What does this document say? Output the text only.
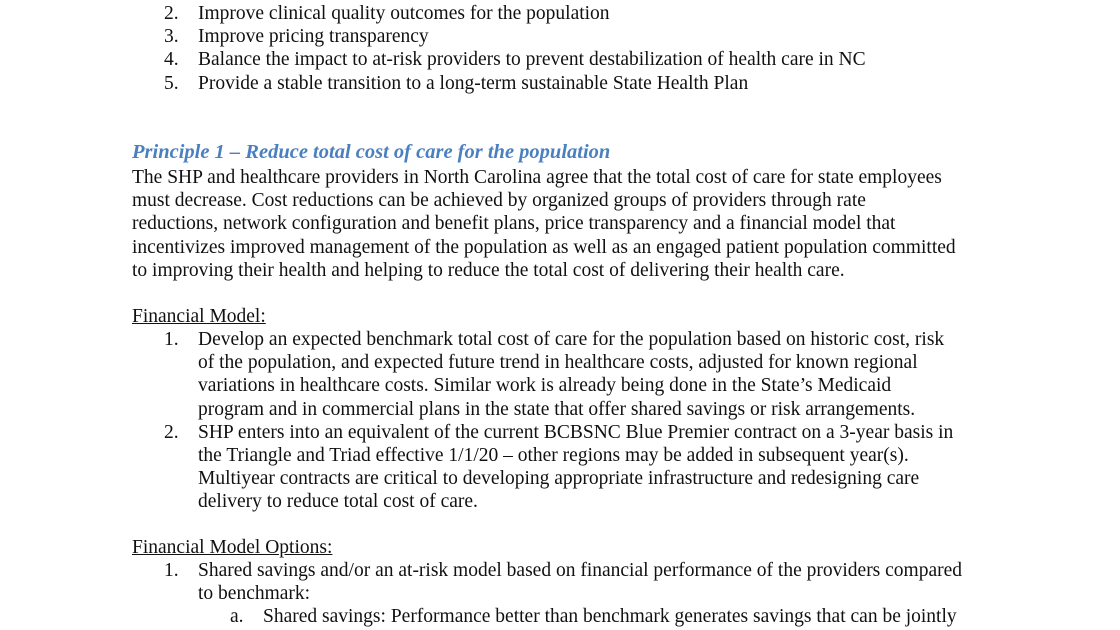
2. Improve clinical quality outcomes for the population
3. Improve pricing transparency
4. Balance the impact to at-risk providers to prevent destabilization of health care in NC
5. Provide a stable transition to a long-term sustainable State Health Plan
Principle 1 – Reduce total cost of care for the population
The SHP and healthcare providers in North Carolina agree that the total cost of care for state employees
must decrease. Cost reductions can be achieved by organized groups of providers through rate
reductions, network configuration and benefit plans, price transparency and a financial model that
incentivizes improved management of the population as well as an engaged patient population committed
to improving their health and helping to reduce the total cost of delivering their health care.
Financial Model:
1. Develop an expected benchmark total cost of care for the population based on historic cost, risk
of the population, and expected future trend in healthcare costs, adjusted for known regional
variations in healthcare costs. Similar work is already being done in the State’s Medicaid
program and in commercial plans in the state that offer shared savings or risk arrangements.
2. SHP enters into an equivalent of the current BCBSNC Blue Premier contract on a 3-year basis in
the Triangle and Triad effective 1/1/20 – other regions may be added in subsequent year(s).
Multiyear contracts are critical to developing appropriate infrastructure and redesigning care
delivery to reduce total cost of care.
Financial Model Options:
1. Shared savings and/or an at-risk model based on financial performance of the providers compared
to benchmark:
a. Shared savings: Performance better than benchmark generates savings that can be jointly
